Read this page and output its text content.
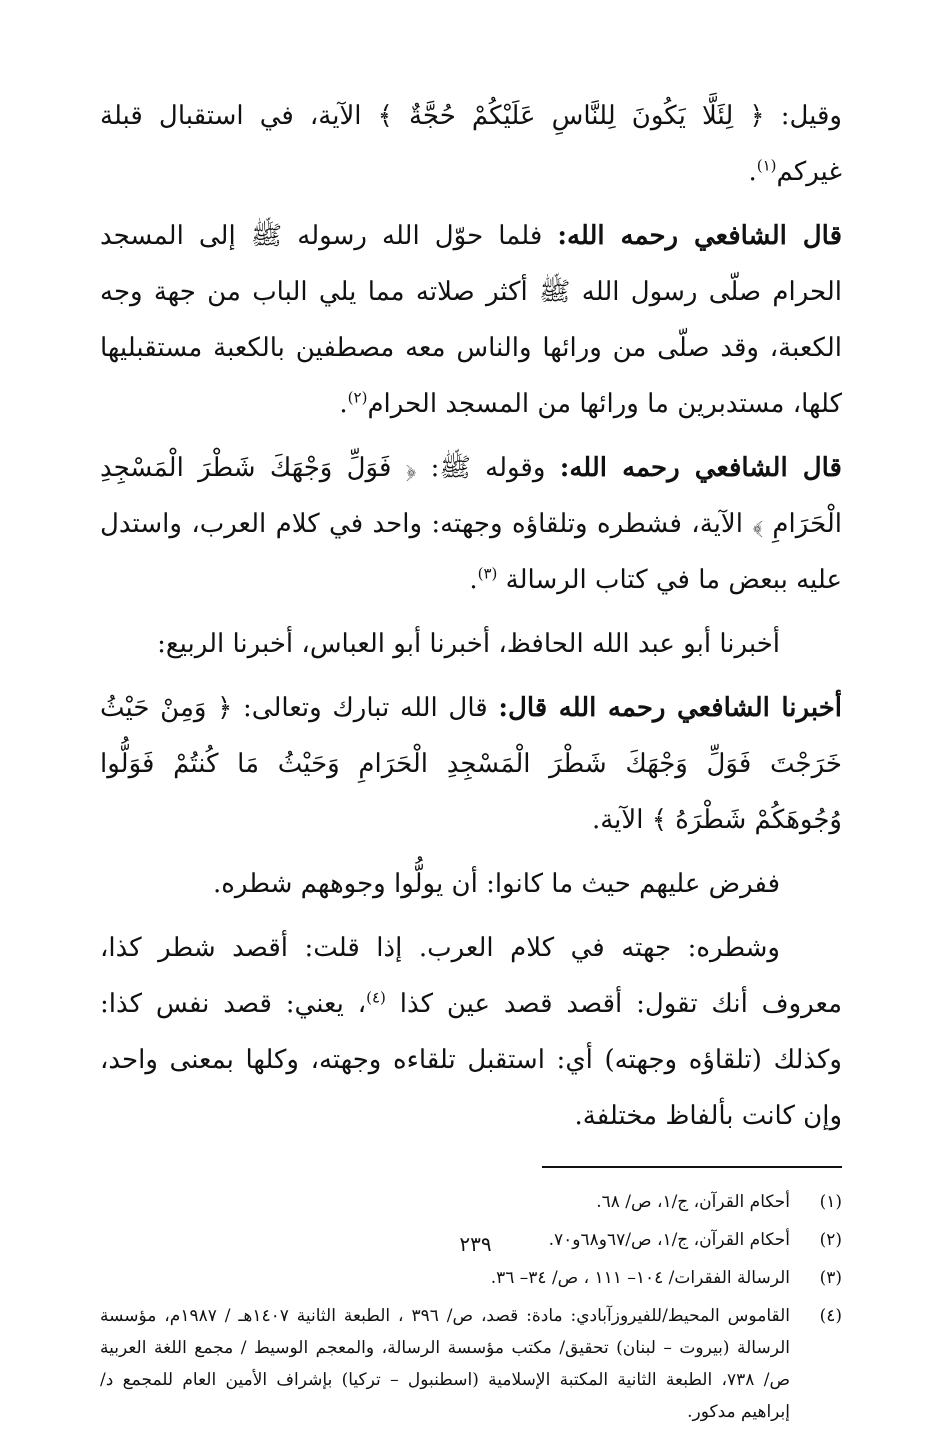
وقيل: ﴿ لِئَلَّا يَكُونَ لِلنَّاسِ عَلَيْكُمْ حُجَّةٌ ﴾ الآية، في استقبال قبلة غيركم$^{(١)}$.

قال الشافعي رحمه الله: فلما حوّل الله رسوله ﷺ إلى المسجد الحرام صلّى رسول الله ﷺ أكثر صلاته مما يلي الباب من جهة وجه الكعبة، وقد صلّى من ورائها والناس معه مصطفين بالكعبة مستقبليها كلها، مستدبرين ما ورائها من المسجد الحرام$^{(٢)}$.

قال الشافعي رحمه الله: وقوله ﷺ: ﴿ فَوَلِّ وَجْهَكَ شَطْرَ الْمَسْجِدِ الْحَرَامِ ﴾ الآية، فشطره وتلقاؤه وجهته: واحد في كلام العرب، واستدل عليه ببعض ما في كتاب الرسالة $^{(٣)}$.

أخبرنا أبو عبد الله الحافظ، أخبرنا أبو العباس، أخبرنا الربيع:

أخبرنا الشافعي رحمه الله قال: قال الله تبارك وتعالى: ﴿ وَمِنْ حَيْثُ خَرَجْتَ فَوَلِّ وَجْهَكَ شَطْرَ الْمَسْجِدِ الْحَرَامِ وَحَيْثُ مَا كُنتُمْ فَوَلُّوا وُجُوهَكُمْ شَطْرَهُ ﴾ الآية.

ففرض عليهم حيث ما كانوا: أن يولُّوا وجوههم شطره.

وشطره: جهته في كلام العرب. إذا قلت: أقصد شطر كذا، معروف أنك تقول: أقصد قصد عين كذا $^{(٤)}$، يعني: قصد نفس كذا: وكذلك (تلقاؤه وجهته) أي: استقبل تلقاءه وجهته، وكلها بمعنى واحد، وإن كانت بألفاظ مختلفة.

(١)
أحكام القرآن، ج/١، ص/ ٦٨.
(٢)
أحكام القرآن، ج/١، ص/٦٧و٦٨و٧٠.
(٣)
الرسالة الفقرات/ ١٠٤– ١١١ ، ص/ ٣٤– ٣٦.
(٤)
القاموس المحيط/للفيروزآبادي: مادة: قصد، ص/ ٣٩٦ ، الطبعة الثانية ١٤٠٧هـ / ١٩٨٧م، مؤسسة الرسالة (بيروت – لبنان) تحقيق/ مكتب مؤسسة الرسالة، والمعجم الوسيط / مجمع اللغة العربية ص/ ٧٣٨، الطبعة الثانية المكتبة الإسلامية (اسطنبول – تركيا) بإشراف الأمين العام للمجمع د/ إبراهيم مدكور.
٢٣٩
